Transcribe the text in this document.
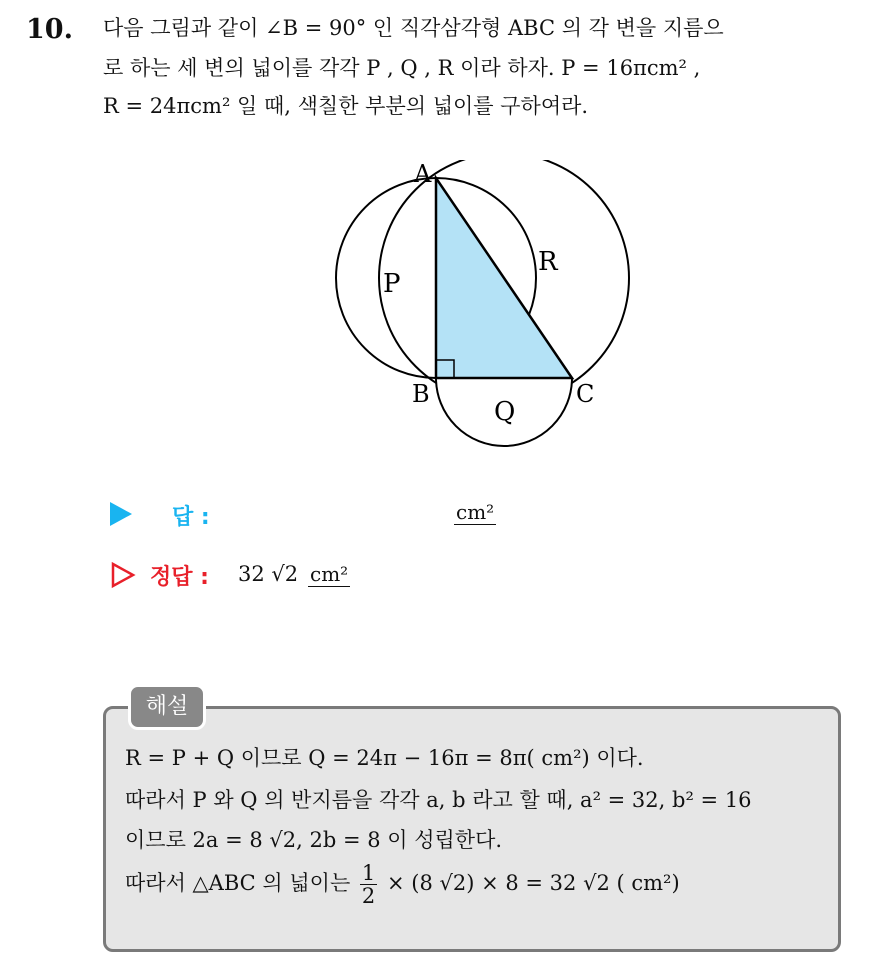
10. 다음 그림과 같이 ∠B = 90° 인 직각삼각형 ABC 의 각 변을 지름으
로 하는 세 변의 넓이를 각각 P , Q , R 이라 하자. P = 16πcm² ,
R = 24πcm² 일 때, 색칠한 부분의 넓이를 구하여라.
A
B	C
P
Q
R
답 :	cm²
정답 : 32 √2 cm²
해설
R = P + Q 이므로 Q = 24π − 16π = 8π( cm²) 이다.
따라서 P 와 Q 의 반지름을 각각 a, b 라고 할 때, a² = 32, b² = 16
이므로 2a = 8 √2, 2b = 8 이 성립한다.
따라서 △ABC 의 넓이는 $\frac{1}{2} \times (8$ √2) × 8 = 32 √2 ( cm²)
